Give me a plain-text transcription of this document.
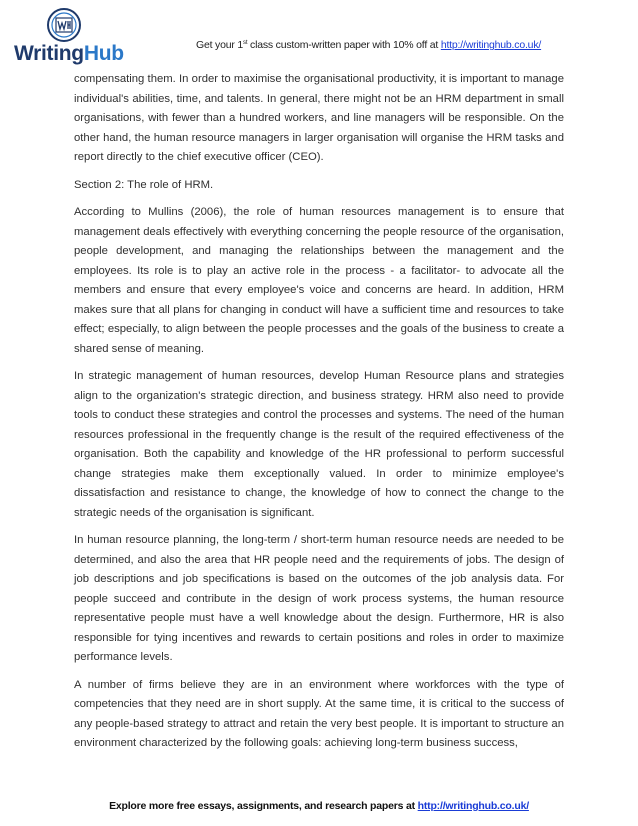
WritingHub	Get your 1st class custom-written paper with 10% off at http://writinghub.co.uk/

compensating them. In order to maximise the organisational productivity, it is important to manage individual's abilities, time, and talents. In general, there might not be an HRM department in small organisations, with fewer than a hundred workers, and line managers will be responsible. On the other hand, the human resource managers in larger organisation will organise the HRM tasks and report directly to the chief executive officer (CEO).

Section 2: The role of HRM.

According to Mullins (2006), the role of human resources management is to ensure that management deals effectively with everything concerning the people resource of the organisation, people development, and managing the relationships between the management and the employees. Its role is to play an active role in the process - a facilitator- to advocate all the members and ensure that every employee's voice and concerns are heard. In addition, HRM makes sure that all plans for changing in conduct will have a sufficient time and resources to take effect; especially, to align between the people processes and the goals of the business to create a shared sense of meaning.

In strategic management of human resources, develop Human Resource plans and strategies align to the organization's strategic direction, and business strategy. HRM also need to provide tools to conduct these strategies and control the processes and systems. The need of the human resources professional in the frequently change is the result of the required effectiveness of the organisation. Both the capability and knowledge of the HR professional to perform successful change strategies make them exceptionally valued. In order to minimize employee's dissatisfaction and resistance to change, the knowledge of how to connect the change to the strategic needs of the organisation is significant.

In human resource planning, the long-term / short-term human resource needs are needed to be determined, and also the area that HR people need and the requirements of jobs. The design of job descriptions and job specifications is based on the outcomes of the job analysis data. For people succeed and contribute in the design of work process systems, the human resource representative people must have a well knowledge about the design. Furthermore, HR is also responsible for tying incentives and rewards to certain positions and roles in order to maximize performance levels.

A number of firms believe they are in an environment where workforces with the type of competencies that they need are in short supply. At the same time, it is critical to the success of any people-based strategy to attract and retain the very best people. It is important to structure an environment characterized by the following goals: achieving long-term business success,

Explore more free essays, assignments, and research papers at http://writinghub.co.uk/
